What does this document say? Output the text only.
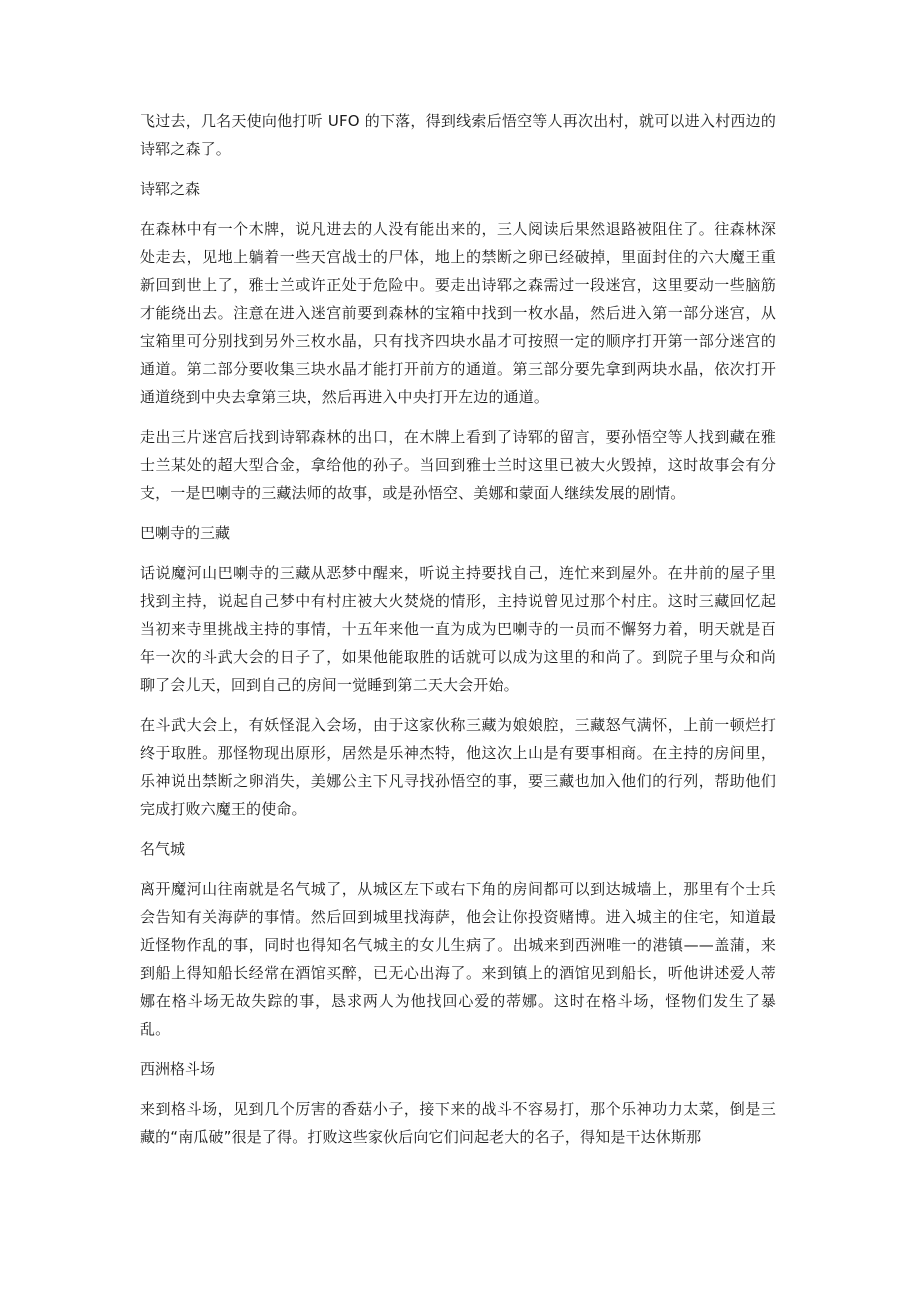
飞过去，几名天使向他打听 UFO 的下落，得到线索后悟空等人再次出村，就可以进入村西边的诗郓之森了。

诗郓之森

在森林中有一个木牌，说凡进去的人没有能出来的，三人阅读后果然退路被阻住了。往森林深处走去，见地上躺着一些天宫战士的尸体，地上的禁断之卵已经破掉，里面封住的六大魔王重新回到世上了，雅士兰或许正处于危险中。要走出诗郓之森需过一段迷宫，这里要动一些脑筋才能绕出去。注意在进入迷宫前要到森林的宝箱中找到一枚水晶，然后进入第一部分迷宫，从宝箱里可分别找到另外三枚水晶，只有找齐四块水晶才可按照一定的顺序打开第一部分迷宫的通道。第二部分要收集三块水晶才能打开前方的通道。第三部分要先拿到两块水晶，依次打开通道绕到中央去拿第三块，然后再进入中央打开左边的通道。

走出三片迷宫后找到诗郓森林的出口，在木牌上看到了诗郓的留言，要孙悟空等人找到藏在雅士兰某处的超大型合金，拿给他的孙子。当回到雅士兰时这里已被大火毁掉，这时故事会有分支，一是巴喇寺的三藏法师的故事，或是孙悟空、美娜和蒙面人继续发展的剧情。

巴喇寺的三藏

话说魔河山巴喇寺的三藏从恶梦中醒来，听说主持要找自己，连忙来到屋外。在井前的屋子里找到主持，说起自己梦中有村庄被大火焚烧的情形，主持说曾见过那个村庄。这时三藏回忆起当初来寺里挑战主持的事情，十五年来他一直为成为巴喇寺的一员而不懈努力着，明天就是百年一次的斗武大会的日子了，如果他能取胜的话就可以成为这里的和尚了。到院子里与众和尚聊了会儿天，回到自己的房间一觉睡到第二天大会开始。

在斗武大会上，有妖怪混入会场，由于这家伙称三藏为娘娘腔，三藏怒气满怀，上前一顿烂打终于取胜。那怪物现出原形，居然是乐神杰特，他这次上山是有要事相商。在主持的房间里，乐神说出禁断之卵消失，美娜公主下凡寻找孙悟空的事，要三藏也加入他们的行列，帮助他们完成打败六魔王的使命。

名气城

离开魔河山往南就是名气城了，从城区左下或右下角的房间都可以到达城墙上，那里有个士兵会告知有关海萨的事情。然后回到城里找海萨，他会让你投资赌博。进入城主的住宅，知道最近怪物作乱的事，同时也得知名气城主的女儿生病了。出城来到西洲唯一的港镇——盖蒲，来到船上得知船长经常在酒馆买醉，已无心出海了。来到镇上的酒馆见到船长，听他讲述爱人蒂娜在格斗场无故失踪的事，恳求两人为他找回心爱的蒂娜。这时在格斗场，怪物们发生了暴乱。

西洲格斗场

来到格斗场，见到几个厉害的香菇小子，接下来的战斗不容易打，那个乐神功力太菜，倒是三藏的“南瓜破”很是了得。打败这些家伙后向它们问起老大的名子，得知是干达休斯那
